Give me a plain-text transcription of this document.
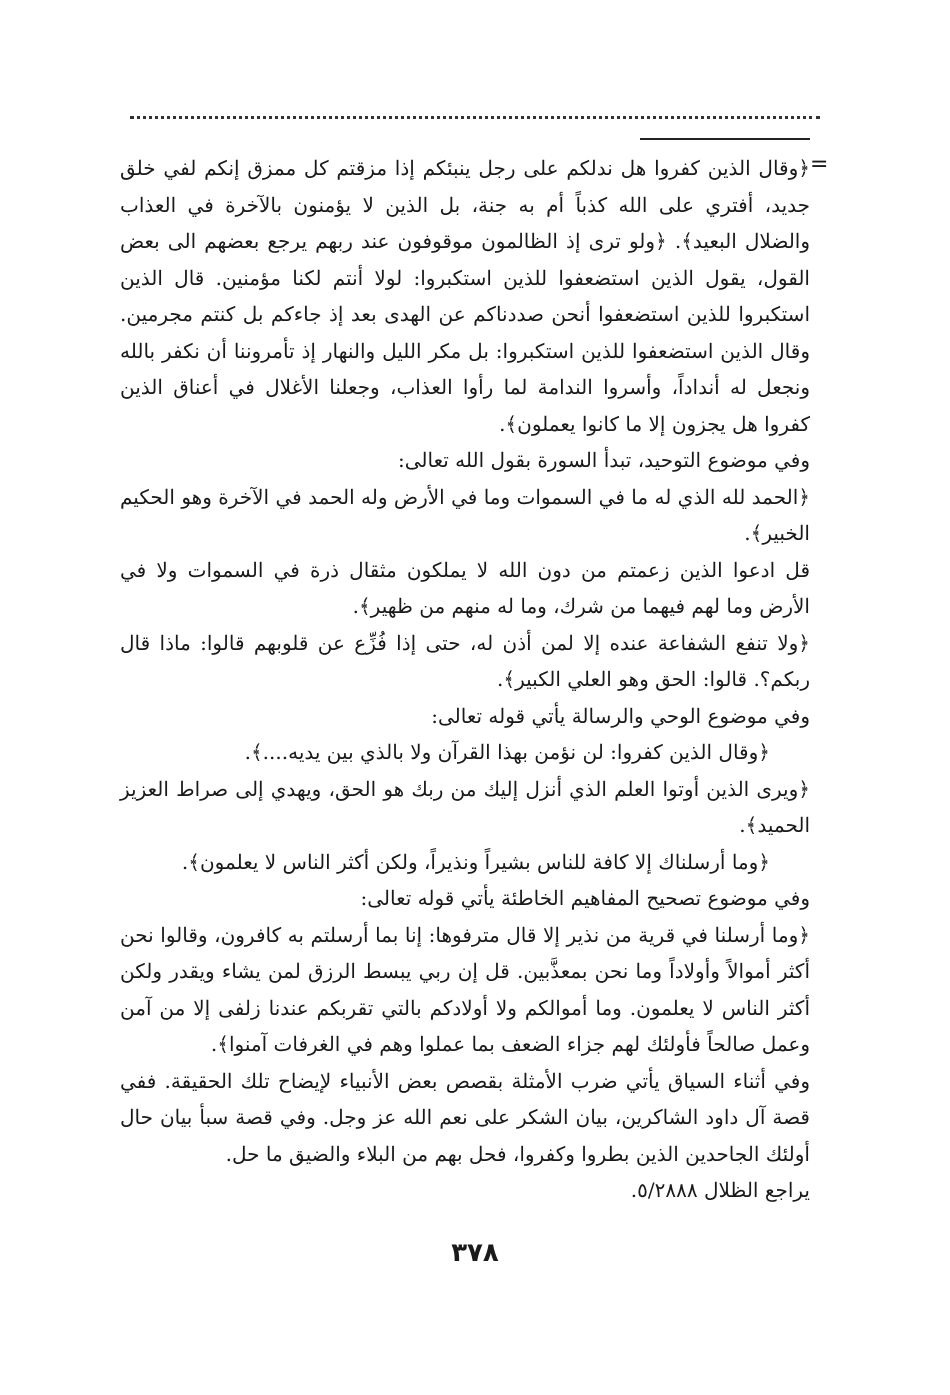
=

﴿وقال الذين كفروا هل ندلكم على رجل ينبئكم إذا مزقتم كل ممزق إنكم لفي خلق جديد، أفتري على الله كذباً أم به جنة، بل الذين لا يؤمنون بالآخرة في العذاب والضلال البعيد﴾. ﴿ولو ترى إذ الظالمون موقوفون عند ربهم يرجع بعضهم الى بعض القول، يقول الذين استضعفوا للذين استكبروا: لولا أنتم لكنا مؤمنين. قال الذين استكبروا للذين استضعفوا أنحن صددناكم عن الهدى بعد إذ جاءكم بل كنتم مجرمين. وقال الذين استضعفوا للذين استكبروا: بل مكر الليل والنهار إذ تأمروننا أن نكفر بالله ونجعل له أنداداً، وأسروا الندامة لما رأوا العذاب، وجعلنا الأغلال في أعناق الذين كفروا هل يجزون إلا ما كانوا يعملون﴾.

وفي موضوع التوحيد، تبدأ السورة بقول الله تعالى:

﴿الحمد لله الذي له ما في السموات وما في الأرض وله الحمد في الآخرة وهو الحكيم الخبير﴾.

قل ادعوا الذين زعمتم من دون الله لا يملكون مثقال ذرة في السموات ولا في الأرض وما لهم فيهما من شرك، وما له منهم من ظهير﴾.

﴿ولا تنفع الشفاعة عنده إلا لمن أذن له، حتى إذا فُزِّع عن قلوبهم قالوا: ماذا قال ربكم؟. قالوا: الحق وهو العلي الكبير﴾.

وفي موضوع الوحي والرسالة يأتي قوله تعالى:

﴿وقال الذين كفروا: لن نؤمن بهذا القرآن ولا بالذي بين يديه....﴾.

﴿ويرى الذين أوتوا العلم الذي أنزل إليك من ربك هو الحق، ويهدي إلى صراط العزيز الحميد﴾.

﴿وما أرسلناك إلا كافة للناس بشيراً ونذيراً، ولكن أكثر الناس لا يعلمون﴾.

وفي موضوع تصحيح المفاهيم الخاطئة يأتي قوله تعالى:

﴿وما أرسلنا في قرية من نذير إلا قال مترفوها: إنا بما أرسلتم به كافرون، وقالوا نحن أكثر أموالاً وأولاداً وما نحن بمعذَّبين. قل إن ربي يبسط الرزق لمن يشاء ويقدر ولكن أكثر الناس لا يعلمون. وما أموالكم ولا أولادكم بالتي تقربكم عندنا زلفى إلا من آمن وعمل صالحاً فأولئك لهم جزاء الضعف بما عملوا وهم في الغرفات آمنوا﴾.

وفي أثناء السياق يأتي ضرب الأمثلة بقصص بعض الأنبياء لإيضاح تلك الحقيقة. ففي قصة آل داود الشاكرين، بيان الشكر على نعم الله عز وجل. وفي قصة سبأ بيان حال أولئك الجاحدين الذين بطروا وكفروا، فحل بهم من البلاء والضيق ما حل.

يراجع الظلال ٥/٢٨٨٨.

٣٧٨
